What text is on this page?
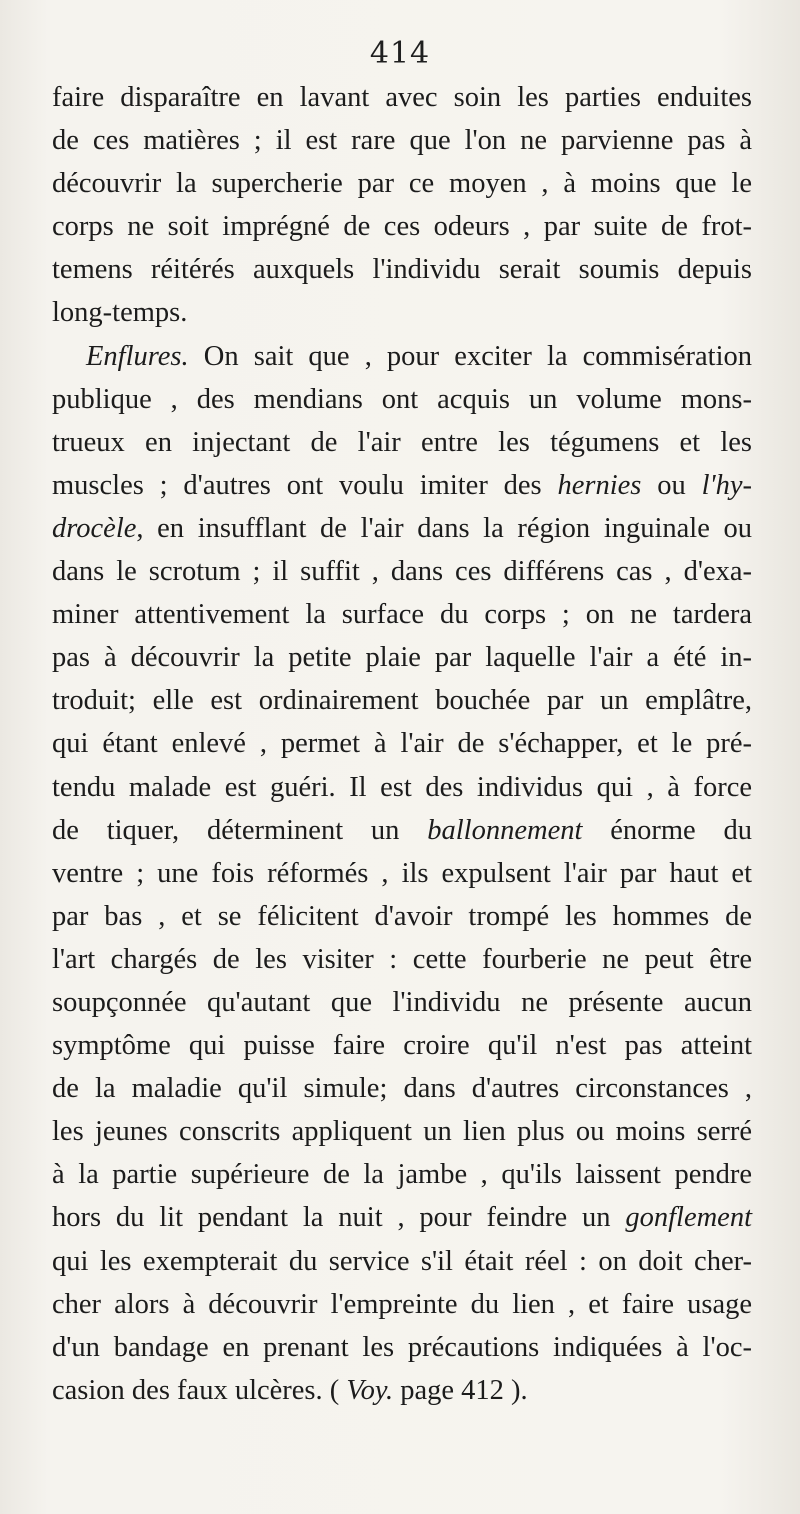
414
faire disparaître en lavant avec soin les parties enduites
de ces matières ; il est rare que l'on ne parvienne pas à
découvrir la supercherie par ce moyen , à moins que le
corps ne soit imprégné de ces odeurs , par suite de frot-
temens réitérés auxquels l'individu serait soumis depuis
long-temps.
Enflures. On sait que , pour exciter la commisération
publique , des mendians ont acquis un volume mons-
trueux en injectant de l'air entre les tégumens et les
muscles ; d'autres ont voulu imiter des hernies ou l'hy-
drocèle, en insufflant de l'air dans la région inguinale ou
dans le scrotum ; il suffit , dans ces différens cas , d'exa-
miner attentivement la surface du corps ; on ne tardera
pas à découvrir la petite plaie par laquelle l'air a été in-
troduit; elle est ordinairement bouchée par un emplâtre,
qui étant enlevé , permet à l'air de s'échapper, et le pré-
tendu malade est guéri. Il est des individus qui , à force
de tiquer, déterminent un ballonnement énorme du
ventre ; une fois réformés , ils expulsent l'air par haut et
par bas , et se félicitent d'avoir trompé les hommes de
l'art chargés de les visiter : cette fourberie ne peut être
soupçonnée qu'autant que l'individu ne présente aucun
symptôme qui puisse faire croire qu'il n'est pas atteint
de la maladie qu'il simule; dans d'autres circonstances ,
les jeunes conscrits appliquent un lien plus ou moins serré
à la partie supérieure de la jambe , qu'ils laissent pendre
hors du lit pendant la nuit , pour feindre un gonflement
qui les exempterait du service s'il était réel : on doit cher-
cher alors à découvrir l'empreinte du lien , et faire usage
d'un bandage en prenant les précautions indiquées à l'oc-
casion des faux ulcères. ( Voy. page 412 ).
